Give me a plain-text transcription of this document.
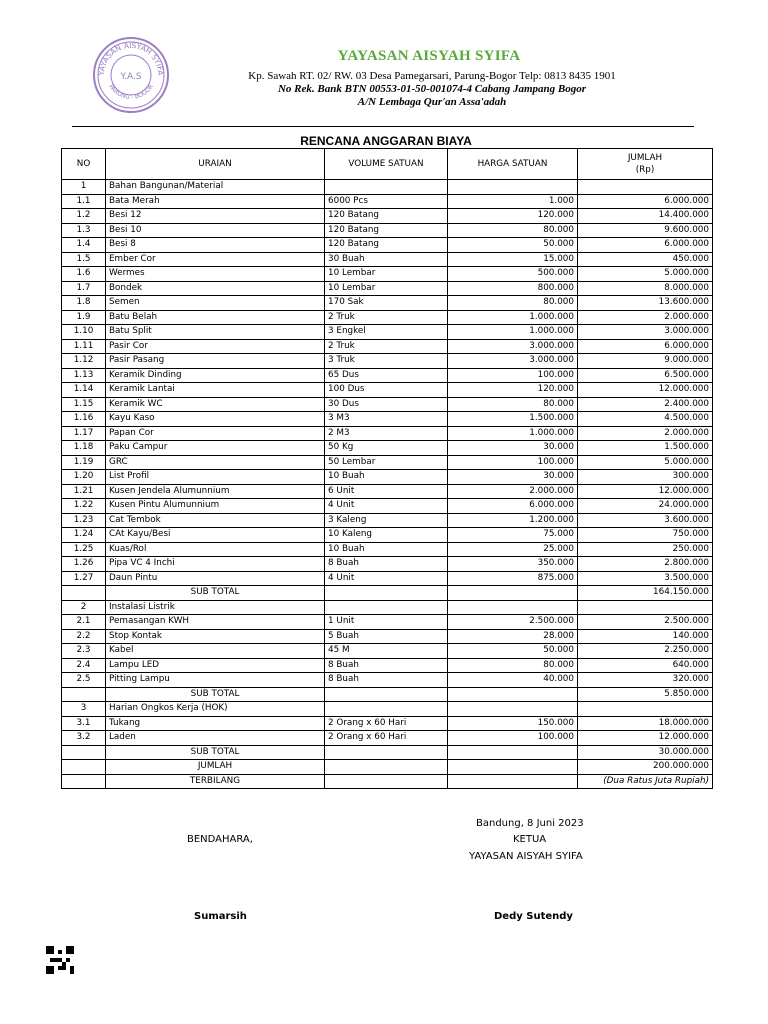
YAYASAN AISYAH SYIFA
Y.A.S
PARUNG - BOGOR
YAYASAN AISYAH SYIFA
Kp. Sawah RT. 02/ RW. 03 Desa Pamegarsari, Parung-Bogor Telp: 0813 8435 1901
No Rek. Bank BTN 00553-01-50-001074-4 Cabang Jampang Bogor
A/N Lembaga Qur'an Assa'adah
RENCANA ANGGARAN BIAYA
NO	URAIAN	VOLUME SATUAN	HARGA SATUAN	JUMLAH
(Rp)

1	Bahan Bangunan/Material			
1.1	Bata Merah	6000 Pcs	1.000	6.000.000
1.2	Besi 12	120 Batang	120.000	14.400.000
1.3	Besi 10	120 Batang	80.000	9.600.000
1.4	Besi 8	120 Batang	50.000	6.000.000
1.5	Ember Cor	30 Buah	15.000	450.000
1.6	Wermes	10 Lembar	500.000	5.000.000
1.7	Bondek	10 Lembar	800.000	8.000.000
1.8	Semen	170 Sak	80.000	13.600.000
1.9	Batu Belah	2 Truk	1.000.000	2.000.000
1.10	Batu Split	3 Engkel	1.000.000	3.000.000
1.11	Pasir Cor	2 Truk	3.000.000	6.000.000
1.12	Pasir Pasang	3 Truk	3.000.000	9.000.000
1.13	Keramik Dinding	65 Dus	100.000	6.500.000
1.14	Keramik Lantai	100 Dus	120.000	12.000.000
1.15	Keramik WC	30 Dus	80.000	2.400.000
1.16	Kayu Kaso	3 M3	1.500.000	4.500.000
1.17	Papan Cor	2 M3	1.000.000	2.000.000
1.18	Paku Campur	50 Kg	30.000	1.500.000
1.19	GRC	50 Lembar	100.000	5.000.000
1.20	List Profil	10 Buah	30.000	300.000
1.21	Kusen Jendela Alumunnium	6 Unit	2.000.000	12.000.000
1.22	Kusen Pintu Alumunnium	4 Unit	6.000.000	24.000.000
1.23	Cat Tembok	3 Kaleng	1.200.000	3.600.000
1.24	CAt Kayu/Besi	10 Kaleng	75.000	750.000
1.25	Kuas/Rol	10 Buah	25.000	250.000
1.26	Pipa VC 4 Inchi	8 Buah	350.000	2.800.000
1.27	Daun Pintu	4 Unit	875.000	3.500.000
	SUB TOTAL			164.150.000
2	Instalasi Listrik			
2.1	Pemasangan KWH	1 Unit	2.500.000	2.500.000
2.2	Stop Kontak	5 Buah	28.000	140.000
2.3	Kabel	45 M	50.000	2.250.000
2.4	Lampu LED	8 Buah	80.000	640.000
2.5	Pitting Lampu	8 Buah	40.000	320.000
	SUB TOTAL			5.850.000
3	Harian Ongkos Kerja (HOK)			
3.1	Tukang	2 Orang x 60 Hari	150.000	18.000.000
3.2	Laden	2 Orang x 60 Hari	100.000	12.000.000
	SUB TOTAL			30.000.000
	JUMLAH			200.000.000
	TERBILANG			(Dua Ratus Juta Rupiah)
Bandung, 8 Juni 2023
BENDAHARA,	KETUA
YAYASAN AISYAH SYIFA
Sumarsih	Dedy Sutendy
